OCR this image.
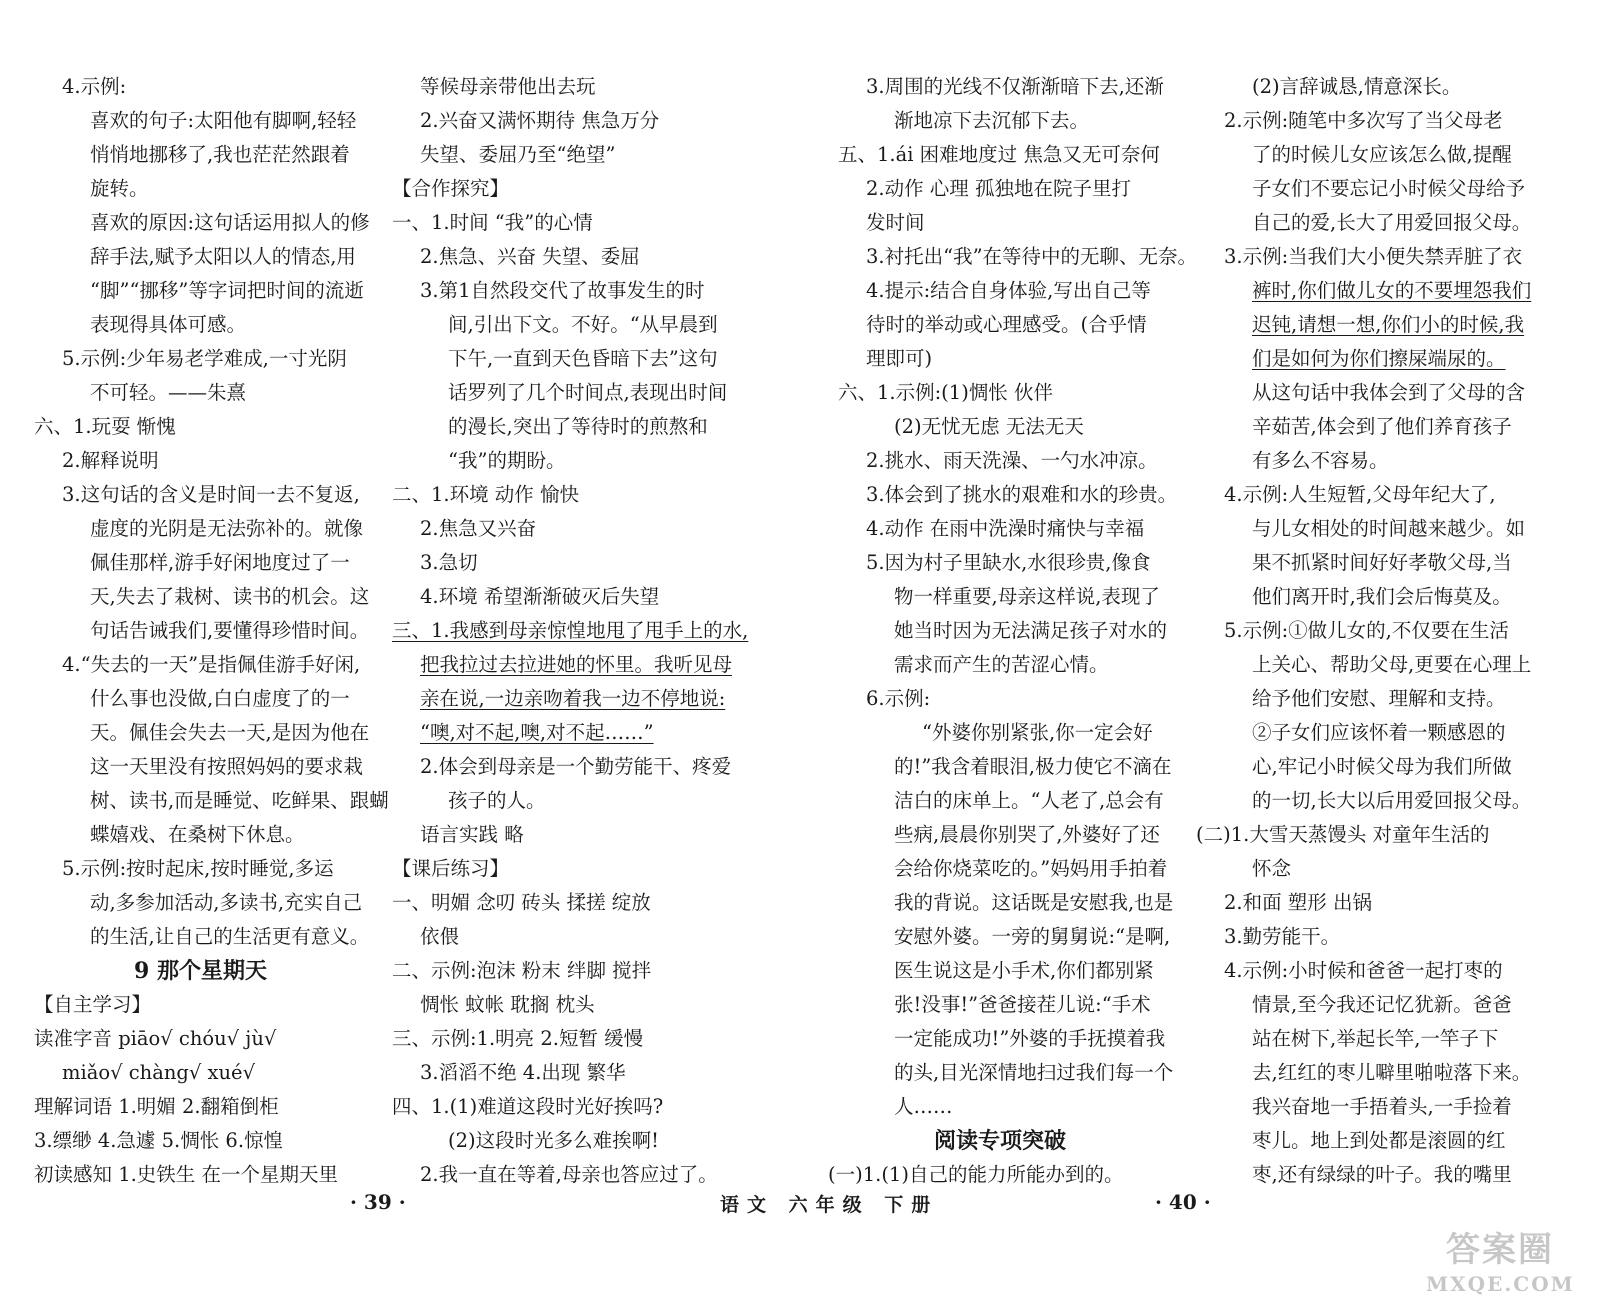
4.示例:
喜欢的句子:太阳他有脚啊,轻轻
悄悄地挪移了,我也茫茫然跟着
旋转。
喜欢的原因:这句话运用拟人的修
辞手法,赋予太阳以人的情态,用
“脚”“挪移”等字词把时间的流逝
表现得具体可感。
5.示例:少年易老学难成,一寸光阴
不可轻。——朱熹
六、1.玩耍 惭愧
2.解释说明
3.这句话的含义是时间一去不复返,
虚度的光阴是无法弥补的。就像
佩佳那样,游手好闲地度过了一
天,失去了栽树、读书的机会。这
句话告诫我们,要懂得珍惜时间。
4.“失去的一天”是指佩佳游手好闲,
什么事也没做,白白虚度了的一
天。佩佳会失去一天,是因为他在
这一天里没有按照妈妈的要求栽
树、读书,而是睡觉、吃鲜果、跟蝴
蝶嬉戏、在桑树下休息。
5.示例:按时起床,按时睡觉,多运
动,多参加活动,多读书,充实自己
的生活,让自己的生活更有意义。
9 那个星期天
【自主学习】
读准字音 piāo√ chóu√ jù√
miǎo√ chàng√ xué√
理解词语 1.明媚 2.翻箱倒柜
3.缥缈 4.急遽 5.惆怅 6.惊惶
初读感知 1.史铁生 在一个星期天里
等候母亲带他出去玩
2.兴奋又满怀期待 焦急万分
失望、委屈乃至“绝望”
【合作探究】
一、1.时间 “我”的心情
2.焦急、兴奋 失望、委屈
3.第1自然段交代了故事发生的时
间,引出下文。不好。“从早晨到
下午,一直到天色昏暗下去”这句
话罗列了几个时间点,表现出时间
的漫长,突出了等待时的煎熬和
“我”的期盼。
二、1.环境 动作 愉快
2.焦急又兴奋
3.急切
4.环境 希望渐渐破灭后失望
三、1.我感到母亲惊惶地甩了甩手上的水,
把我拉过去拉进她的怀里。我听见母
亲在说,一边亲吻着我一边不停地说:
“噢,对不起,噢,对不起……”
2.体会到母亲是一个勤劳能干、疼爱
孩子的人。
语言实践 略
【课后练习】
一、明媚 念叨 砖头 揉搓 绽放
依偎
二、示例:泡沫 粉末 绊脚 搅拌
惆怅 蚊帐 耽搁 枕头
三、示例:1.明亮 2.短暂 缓慢
3.滔滔不绝 4.出现 繁华
四、1.(1)难道这段时光好挨吗?
(2)这段时光多么难挨啊!
2.我一直在等着,母亲也答应过了。
3.周围的光线不仅渐渐暗下去,还渐
渐地凉下去沉郁下去。
五、1.ái 困难地度过 焦急又无可奈何
2.动作 心理 孤独地在院子里打
发时间
3.衬托出“我”在等待中的无聊、无奈。
4.提示:结合自身体验,写出自己等
待时的举动或心理感受。(合乎情
理即可)
六、1.示例:(1)惆怅 伙伴
(2)无忧无虑 无法无天
2.挑水、雨天洗澡、一勺水冲凉。
3.体会到了挑水的艰难和水的珍贵。
4.动作 在雨中洗澡时痛快与幸福
5.因为村子里缺水,水很珍贵,像食
物一样重要,母亲这样说,表现了
她当时因为无法满足孩子对水的
需求而产生的苦涩心情。
6.示例:
“外婆你别紧张,你一定会好
的!”我含着眼泪,极力使它不滴在
洁白的床单上。“人老了,总会有
些病,晨晨你别哭了,外婆好了还
会给你烧菜吃的。”妈妈用手拍着
我的背说。这话既是安慰我,也是
安慰外婆。一旁的舅舅说:“是啊,
医生说这是小手术,你们都别紧
张!没事!”爸爸接茬儿说:“手术
一定能成功!”外婆的手抚摸着我
的头,目光深情地扫过我们每一个
人……
阅读专项突破
(一)1.(1)自己的能力所能办到的。
(2)言辞诚恳,情意深长。
2.示例:随笔中多次写了当父母老
了的时候儿女应该怎么做,提醒
子女们不要忘记小时候父母给予
自己的爱,长大了用爱回报父母。
3.示例:当我们大小便失禁弄脏了衣
裤时,你们做儿女的不要埋怨我们
迟钝,请想一想,你们小的时候,我
们是如何为你们擦屎端尿的。
从这句话中我体会到了父母的含
辛茹苦,体会到了他们养育孩子
有多么不容易。
4.示例:人生短暂,父母年纪大了,
与儿女相处的时间越来越少。如
果不抓紧时间好好孝敬父母,当
他们离开时,我们会后悔莫及。
5.示例:①做儿女的,不仅要在生活
上关心、帮助父母,更要在心理上
给予他们安慰、理解和支持。
②子女们应该怀着一颗感恩的
心,牢记小时候父母为我们所做
的一切,长大以后用爱回报父母。
(二)1.大雪天蒸馒头 对童年生活的
怀念
2.和面 塑形 出锅
3.勤劳能干。
4.示例:小时候和爸爸一起打枣的
情景,至今我还记忆犹新。爸爸
站在树下,举起长竿,一竿子下
去,红红的枣儿噼里啪啦落下来。
我兴奋地一手捂着头,一手捡着
枣儿。地上到处都是滚圆的红
枣,还有绿绿的叶子。我的嘴里
· 39 ·	语文 六年级 下册	· 40 ·
答案圈
MXQE.COM
